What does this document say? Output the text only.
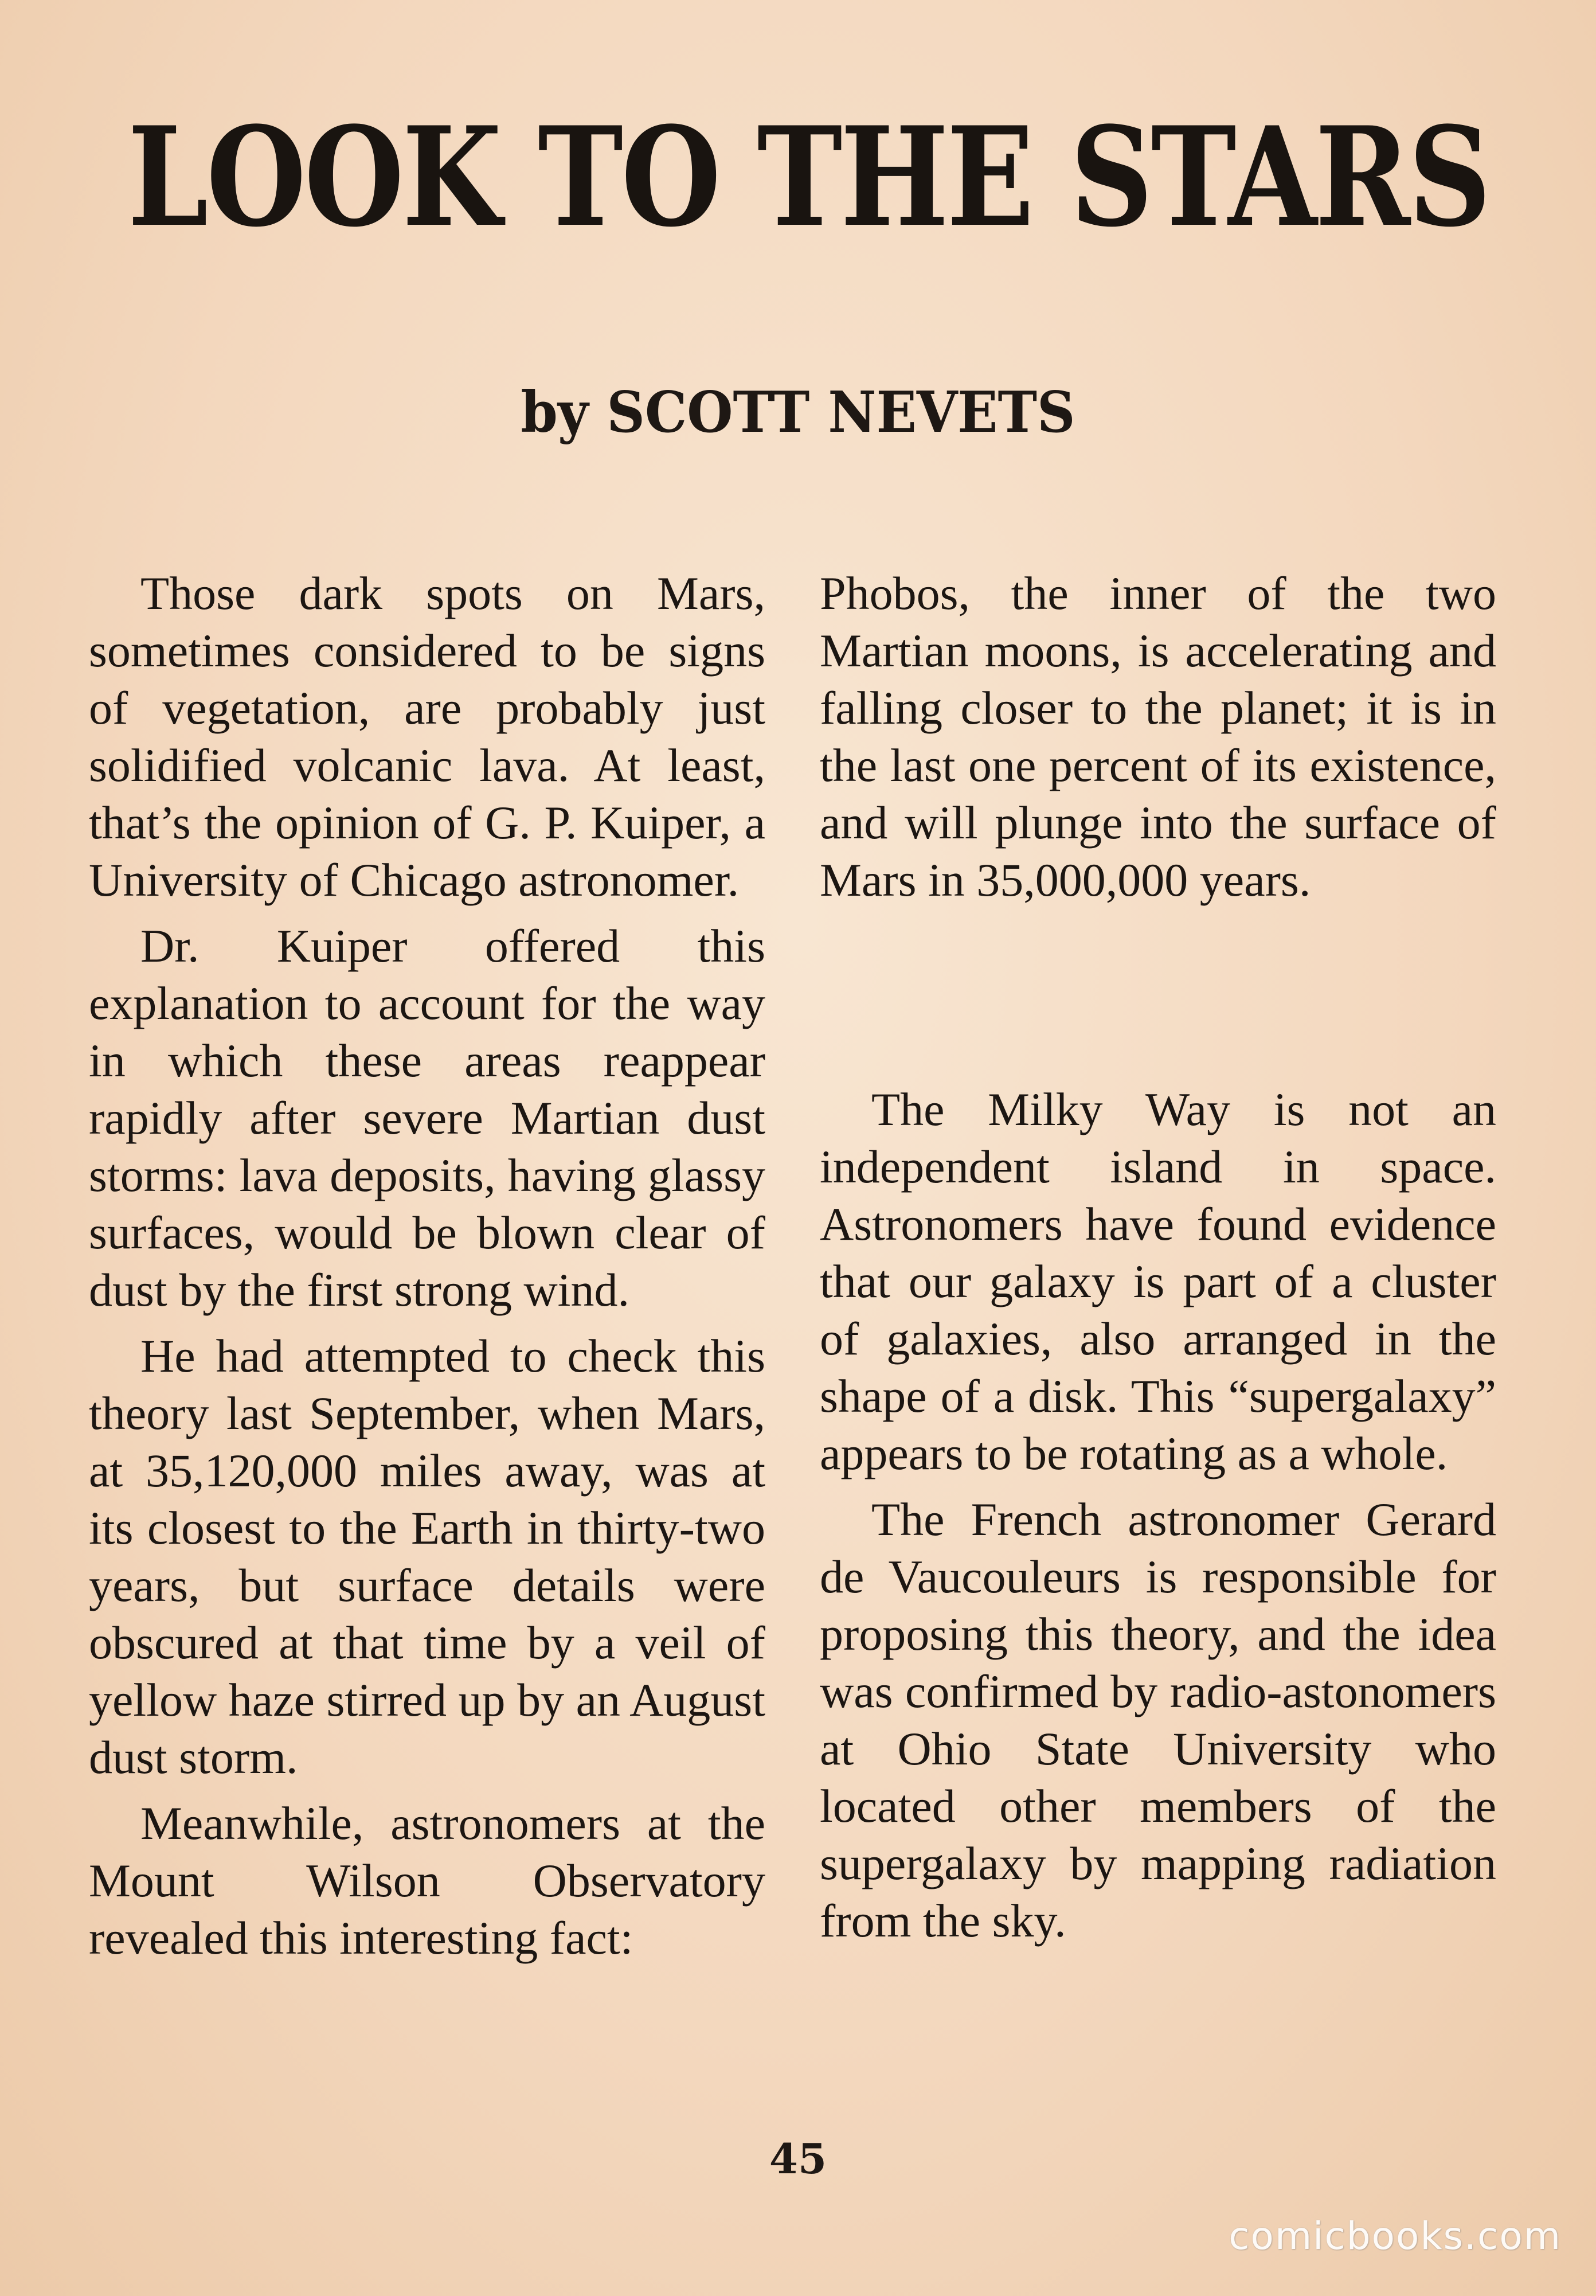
LOOK TO THE STARS
by SCOTT NEVETS

Those dark spots on Mars, sometimes considered to be signs of vegetation, are probably just solidified volcanic lava. At least, that’s the opinion of G. P. Kuiper, a University of Chicago astronomer.

Dr. Kuiper offered this explanation to account for the way in which these areas reappear rapidly after severe Martian dust storms: lava deposits, having glassy surfaces, would be blown clear of dust by the first strong wind.

He had attempted to check this theory last September, when Mars, at 35,120,000 miles away, was at its closest to the Earth in thirty-two years, but surface details were obscured at that time by a veil of yellow haze stirred up by an August dust storm.

Meanwhile, astronomers at the Mount Wilson Observatory revealed this interesting fact:

Phobos, the inner of the two Martian moons, is accelerating and falling closer to the planet; it is in the last one percent of its existence, and will plunge into the surface of Mars in 35,000,000 years.

The Milky Way is not an independent island in space. Astronomers have found evidence that our galaxy is part of a cluster of galaxies, also arranged in the shape of a disk. This “supergalaxy” appears to be rotating as a whole.

The French astronomer Gerard de Vaucouleurs is responsible for proposing this theory, and the idea was confirmed by radio-astonomers at Ohio State University who located other members of the supergalaxy by mapping radiation from the sky.

45
comicbooks.com
